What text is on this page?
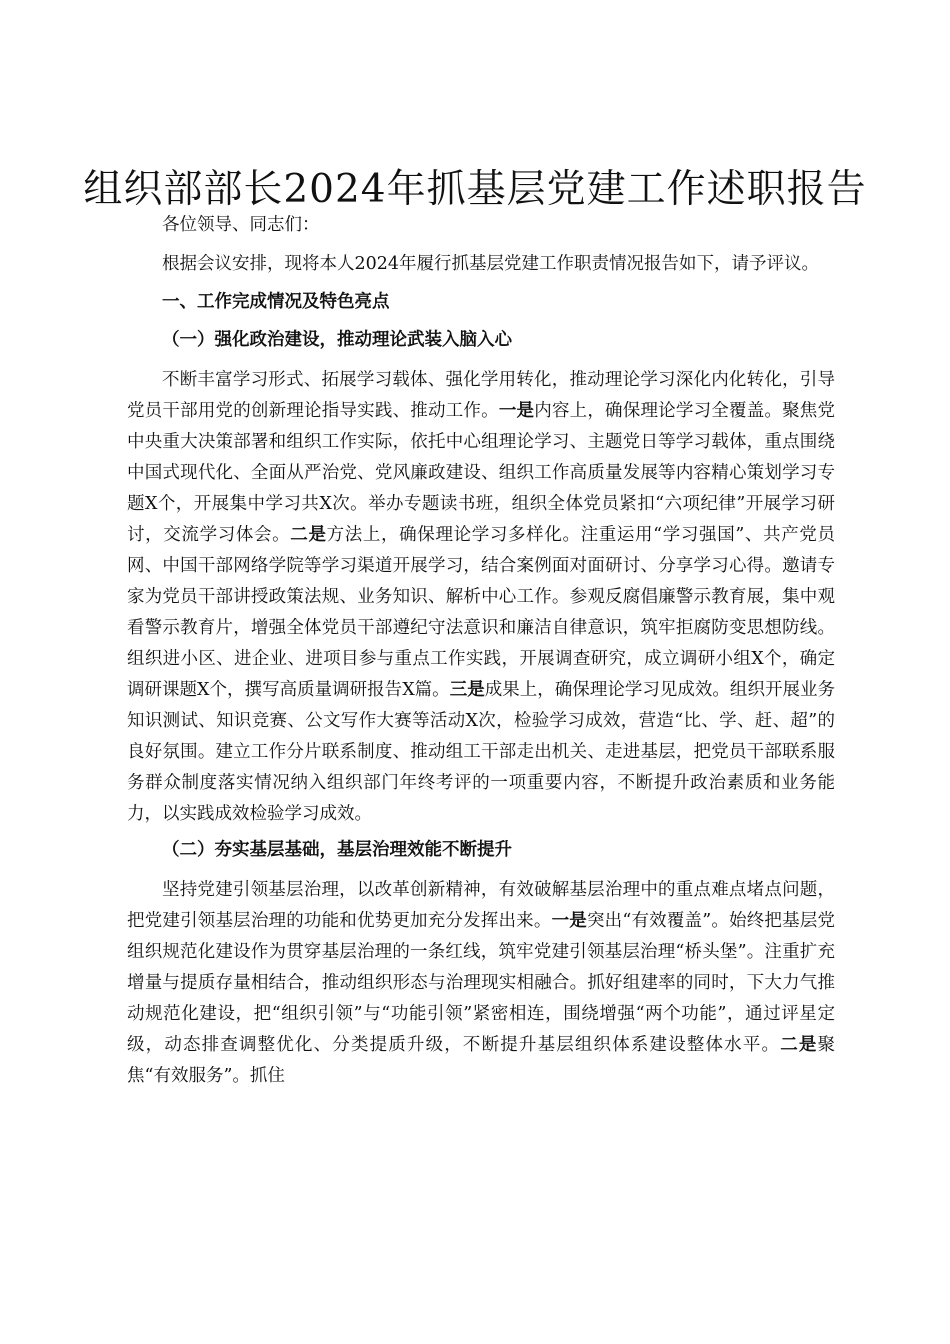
组织部部长2024年抓基层党建工作述职报告

各位领导、同志们：

根据会议安排，现将本人2024年履行抓基层党建工作职责情况报告如下，请予评议。

一、工作完成情况及特色亮点
（一）强化政治建设，推动理论武装入脑入心

不断丰富学习形式、拓展学习载体、强化学用转化，推动理论学习深化内化转化，引导党员干部用党的创新理论指导实践、推动工作。一是内容上，确保理论学习全覆盖。聚焦党中央重大决策部署和组织工作实际，依托中心组理论学习、主题党日等学习载体，重点围绕中国式现代化、全面从严治党、党风廉政建设、组织工作高质量发展等内容精心策划学习专题X个，开展集中学习共X次。举办专题读书班，组织全体党员紧扣“六项纪律”开展学习研讨，交流学习体会。二是方法上，确保理论学习多样化。注重运用“学习强国”、共产党员网、中国干部网络学院等学习渠道开展学习，结合案例面对面研讨、分享学习心得。邀请专家为党员干部讲授政策法规、业务知识、解析中心工作。参观反腐倡廉警示教育展，集中观看警示教育片，增强全体党员干部遵纪守法意识和廉洁自律意识，筑牢拒腐防变思想防线。组织进小区、进企业、进项目参与重点工作实践，开展调查研究，成立调研小组X个，确定调研课题X个，撰写高质量调研报告X篇。三是成果上，确保理论学习见成效。组织开展业务知识测试、知识竞赛、公文写作大赛等活动X次，检验学习成效，营造“比、学、赶、超”的良好氛围。建立工作分片联系制度、推动组工干部走出机关、走进基层，把党员干部联系服务群众制度落实情况纳入组织部门年终考评的一项重要内容，不断提升政治素质和业务能力，以实践成效检验学习成效。

（二）夯实基层基础，基层治理效能不断提升

坚持党建引领基层治理，以改革创新精神，有效破解基层治理中的重点难点堵点问题，把党建引领基层治理的功能和优势更加充分发挥出来。一是突出“有效覆盖”。始终把基层党组织规范化建设作为贯穿基层治理的一条红线，筑牢党建引领基层治理“桥头堡”。注重扩充增量与提质存量相结合，推动组织形态与治理现实相融合。抓好组建率的同时，下大力气推动规范化建设，把“组织引领”与“功能引领”紧密相连，围绕增强“两个功能”，通过评星定级，动态排查调整优化、分类提质升级，不断提升基层组织体系建设整体水平。二是聚焦“有效服务”。抓住
